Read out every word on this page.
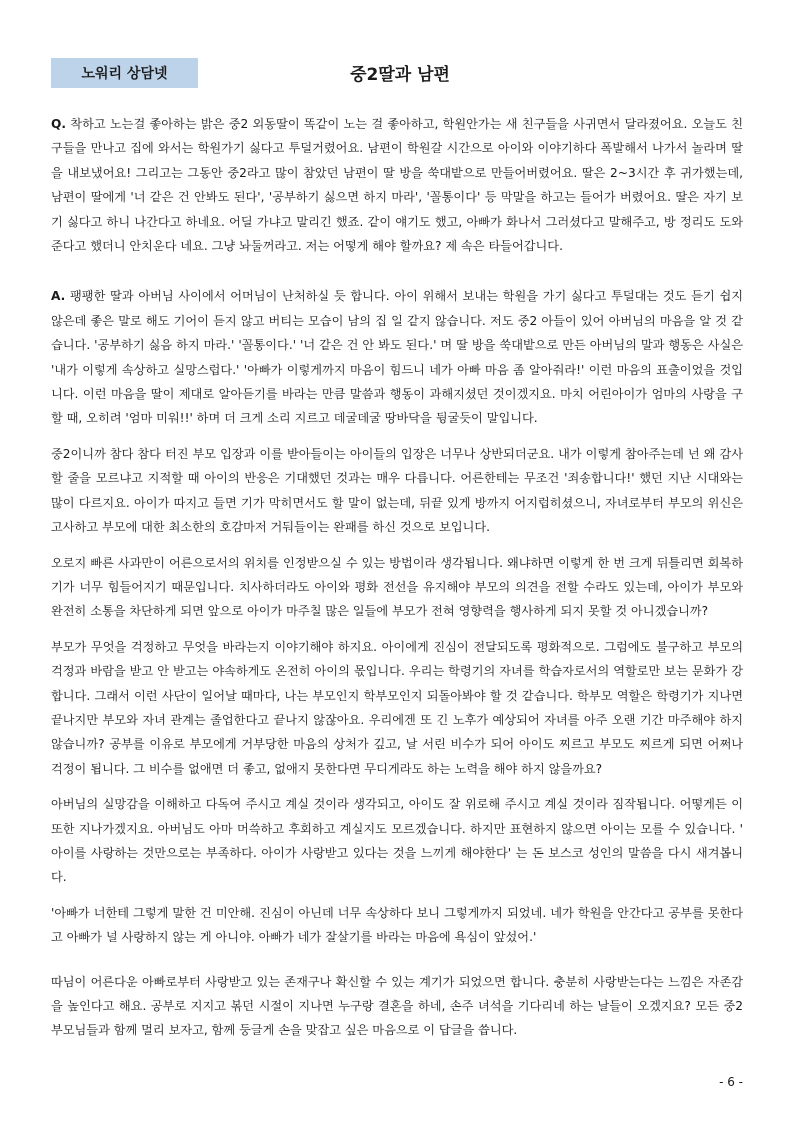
노워리 상담넷	중2딸과 남편

Q. 착하고 노는걸 좋아하는 밝은 중2 외동딸이 똑같이 노는 걸 좋아하고, 학원안가는 새 친구들을 사귀면서 달라졌어요. 오늘도 친구들을 만나고 집에 와서는 학원가기 싫다고 투덜거렸어요. 남편이 학원갈 시간으로 아이와 이야기하다 폭발해서 나가서 놀라며 딸을 내보냈어요! 그리고는 그동안 중2라고 많이 참았던 남편이 딸 방을 쑥대밭으로 만들어버렸어요. 딸은 2~3시간 후 귀가했는데, 남편이 딸에게 '너 같은 건 안봐도 된다', '공부하기 싫으면 하지 마라', '꼴통이다' 등 막말을 하고는 들어가 버렸어요. 딸은 자기 보기 싫다고 하니 나간다고 하네요. 어딜 가냐고 말리긴 했죠. 같이 얘기도 했고, 아빠가 화나서 그러셨다고 말해주고, 방 정리도 도와준다고 했더니 안치운다 네요. 그냥 놔둘꺼라고. 저는 어떻게 해야 할까요? 제 속은 타들어갑니다.

A. 팽팽한 딸과 아버님 사이에서 어머님이 난처하실 듯 합니다. 아이 위해서 보내는 학원을 가기 싫다고 투덜대는 것도 듣기 쉽지 않은데 좋은 말로 해도 기어이 듣지 않고 버티는 모습이 남의 집 일 같지 않습니다. 저도 중2 아들이 있어 아버님의 마음을 알 것 같습니다. '공부하기 싫음 하지 마라.' '꼴통이다.' '너 같은 건 안 봐도 된다.' 며 딸 방을 쑥대밭으로 만든 아버님의 말과 행동은 사실은 '내가 이렇게 속상하고 실망스럽다.' '아빠가 이렇게까지 마음이 힘드니 네가 아빠 마음 좀 알아줘라!' 이런 마음의 표출이었을 것입니다. 이런 마음을 딸이 제대로 알아듣기를 바라는 만큼 말씀과 행동이 과해지셨던 것이겠지요. 마치 어린아이가 엄마의 사랑을 구할 때, 오히려 '엄마 미워!!' 하며 더 크게 소리 지르고 데굴데굴 땅바닥을 뒹굴듯이 말입니다.

중2이니까 참다 참다 터진 부모 입장과 이를 받아들이는 아이들의 입장은 너무나 상반되더군요. 내가 이렇게 참아주는데 넌 왜 감사할 줄을 모르냐고 지적할 때 아이의 반응은 기대했던 것과는 매우 다릅니다. 어른한테는 무조건 '죄송합니다!' 했던 지난 시대와는 많이 다르지요. 아이가 따지고 들면 기가 막히면서도 할 말이 없는데, 뒤끝 있게 방까지 어지럽히셨으니, 자녀로부터 부모의 위신은 고사하고 부모에 대한 최소한의 호감마저 거둬들이는 완패를 하신 것으로 보입니다.

오로지 빠른 사과만이 어른으로서의 위치를 인정받으실 수 있는 방법이라 생각됩니다. 왜냐하면 이렇게 한 번 크게 뒤틀리면 회복하기가 너무 힘들어지기 때문입니다. 치사하더라도 아이와 평화 전선을 유지해야 부모의 의견을 전할 수라도 있는데, 아이가 부모와 완전히 소통을 차단하게 되면 앞으로 아이가 마주칠 많은 일들에 부모가 전혀 영향력을 행사하게 되지 못할 것 아니겠습니까?

부모가 무엇을 걱정하고 무엇을 바라는지 이야기해야 하지요. 아이에게 진심이 전달되도록 평화적으로. 그럼에도 불구하고 부모의 걱정과 바람을 받고 안 받고는 야속하게도 온전히 아이의 몫입니다. 우리는 학령기의 자녀를 학습자로서의 역할로만 보는 문화가 강합니다. 그래서 이런 사단이 일어날 때마다, 나는 부모인지 학부모인지 되돌아봐야 할 것 같습니다. 학부모 역할은 학령기가 지나면 끝나지만 부모와 자녀 관계는 졸업한다고 끝나지 않잖아요. 우리에겐 또 긴 노후가 예상되어 자녀를 아주 오랜 기간 마주해야 하지 않습니까? 공부를 이유로 부모에게 거부당한 마음의 상처가 깊고, 날 서린 비수가 되어 아이도 찌르고 부모도 찌르게 되면 어쩌나 걱정이 됩니다. 그 비수를 없애면 더 좋고, 없애지 못한다면 무디게라도 하는 노력을 해야 하지 않을까요?

아버님의 실망감을 이해하고 다독여 주시고 계실 것이라 생각되고, 아이도 잘 위로해 주시고 계실 것이라 짐작됩니다. 어떻게든 이 또한 지나가겠지요. 아버님도 아마 머쓱하고 후회하고 계실지도 모르겠습니다. 하지만 표현하지 않으면 아이는 모를 수 있습니다. ' 아이를 사랑하는 것만으로는 부족하다. 아이가 사랑받고 있다는 것을 느끼게 해야한다' 는 돈 보스코 성인의 말씀을 다시 새겨봅니다.

'아빠가 너한테 그렇게 말한 건 미안해. 진심이 아닌데 너무 속상하다 보니 그렇게까지 되었네. 네가 학원을 안간다고 공부를 못한다고 아빠가 널 사랑하지 않는 게 아니야. 아빠가 네가 잘살기를 바라는 마음에 욕심이 앞섰어.'

따님이 어른다운 아빠로부터 사랑받고 있는 존재구나 확신할 수 있는 계기가 되었으면 합니다. 충분히 사랑받는다는 느낌은 자존감을 높인다고 해요. 공부로 지지고 볶던 시절이 지나면 누구랑 결혼을 하네, 손주 녀석을 기다리네 하는 날들이 오겠지요? 모든 중2 부모님들과 함께 멀리 보자고, 함께 둥글게 손을 맞잡고 싶은 마음으로 이 답글을 씁니다.

- 6 -
